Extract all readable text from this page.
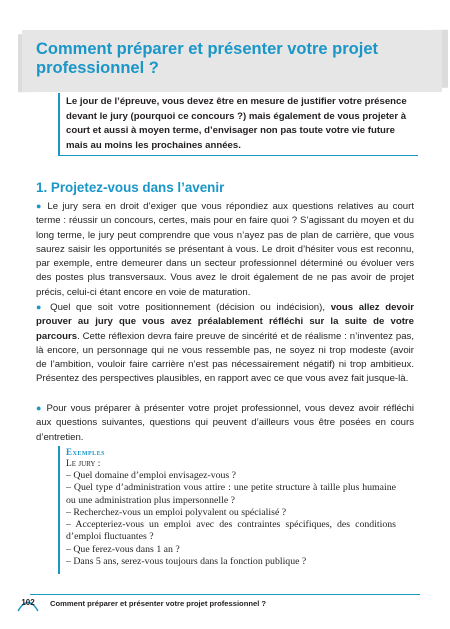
Comment préparer et présenter votre projet professionnel ?

Le jour de l’épreuve, vous devez être en mesure de justifier votre présence devant le jury (pourquoi ce concours ?) mais également de vous projeter à court et aussi à moyen terme, d’envisager non pas toute votre vie future mais au moins les prochaines années.

1. Projetez-vous dans l’avenir

● Le jury sera en droit d’exiger que vous répondiez aux questions relatives au court terme : réussir un concours, certes, mais pour en faire quoi ? S’agissant du moyen et du long terme, le jury peut comprendre que vous n’ayez pas de plan de carrière, que vous saurez saisir les opportunités se présentant à vous. Le droit d’hésiter vous est reconnu, par exemple, entre demeurer dans un secteur professionnel déterminé ou évoluer vers des postes plus transversaux. Vous avez le droit également de ne pas avoir de projet précis, celui-ci étant encore en voie de maturation.

● Quel que soit votre positionnement (décision ou indécision), vous allez devoir prouver au jury que vous avez préalablement réfléchi sur la suite de votre parcours. Cette réflexion devra faire preuve de sincérité et de réalisme : n’inventez pas, là encore, un personnage qui ne vous ressemble pas, ne soyez ni trop modeste (avoir de l’ambition, vouloir faire carrière n’est pas nécessairement négatif) ni trop ambitieux. Présentez des perspectives plausibles, en rapport avec ce que vous avez fait jusque-là.

● Pour vous préparer à présenter votre projet professionnel, vous devez avoir réfléchi aux questions suivantes, questions qui peuvent d’ailleurs vous être posées en cours d’entretien.

Exemples

Le jury :

– Quel domaine d’emploi envisagez-vous ?
– Quel type d’administration vous attire : une petite structure à taille plus humaine ou une administration plus impersonnelle ?
– Recherchez-vous un emploi polyvalent ou spécialisé ?
– Accepteriez-vous un emploi avec des contraintes spécifiques, des conditions d’emploi fluctuantes ?
– Que ferez-vous dans 1 an ?
– Dans 5 ans, serez-vous toujours dans la fonction publique ?
102	Comment préparer et présenter votre projet professionnel ?
